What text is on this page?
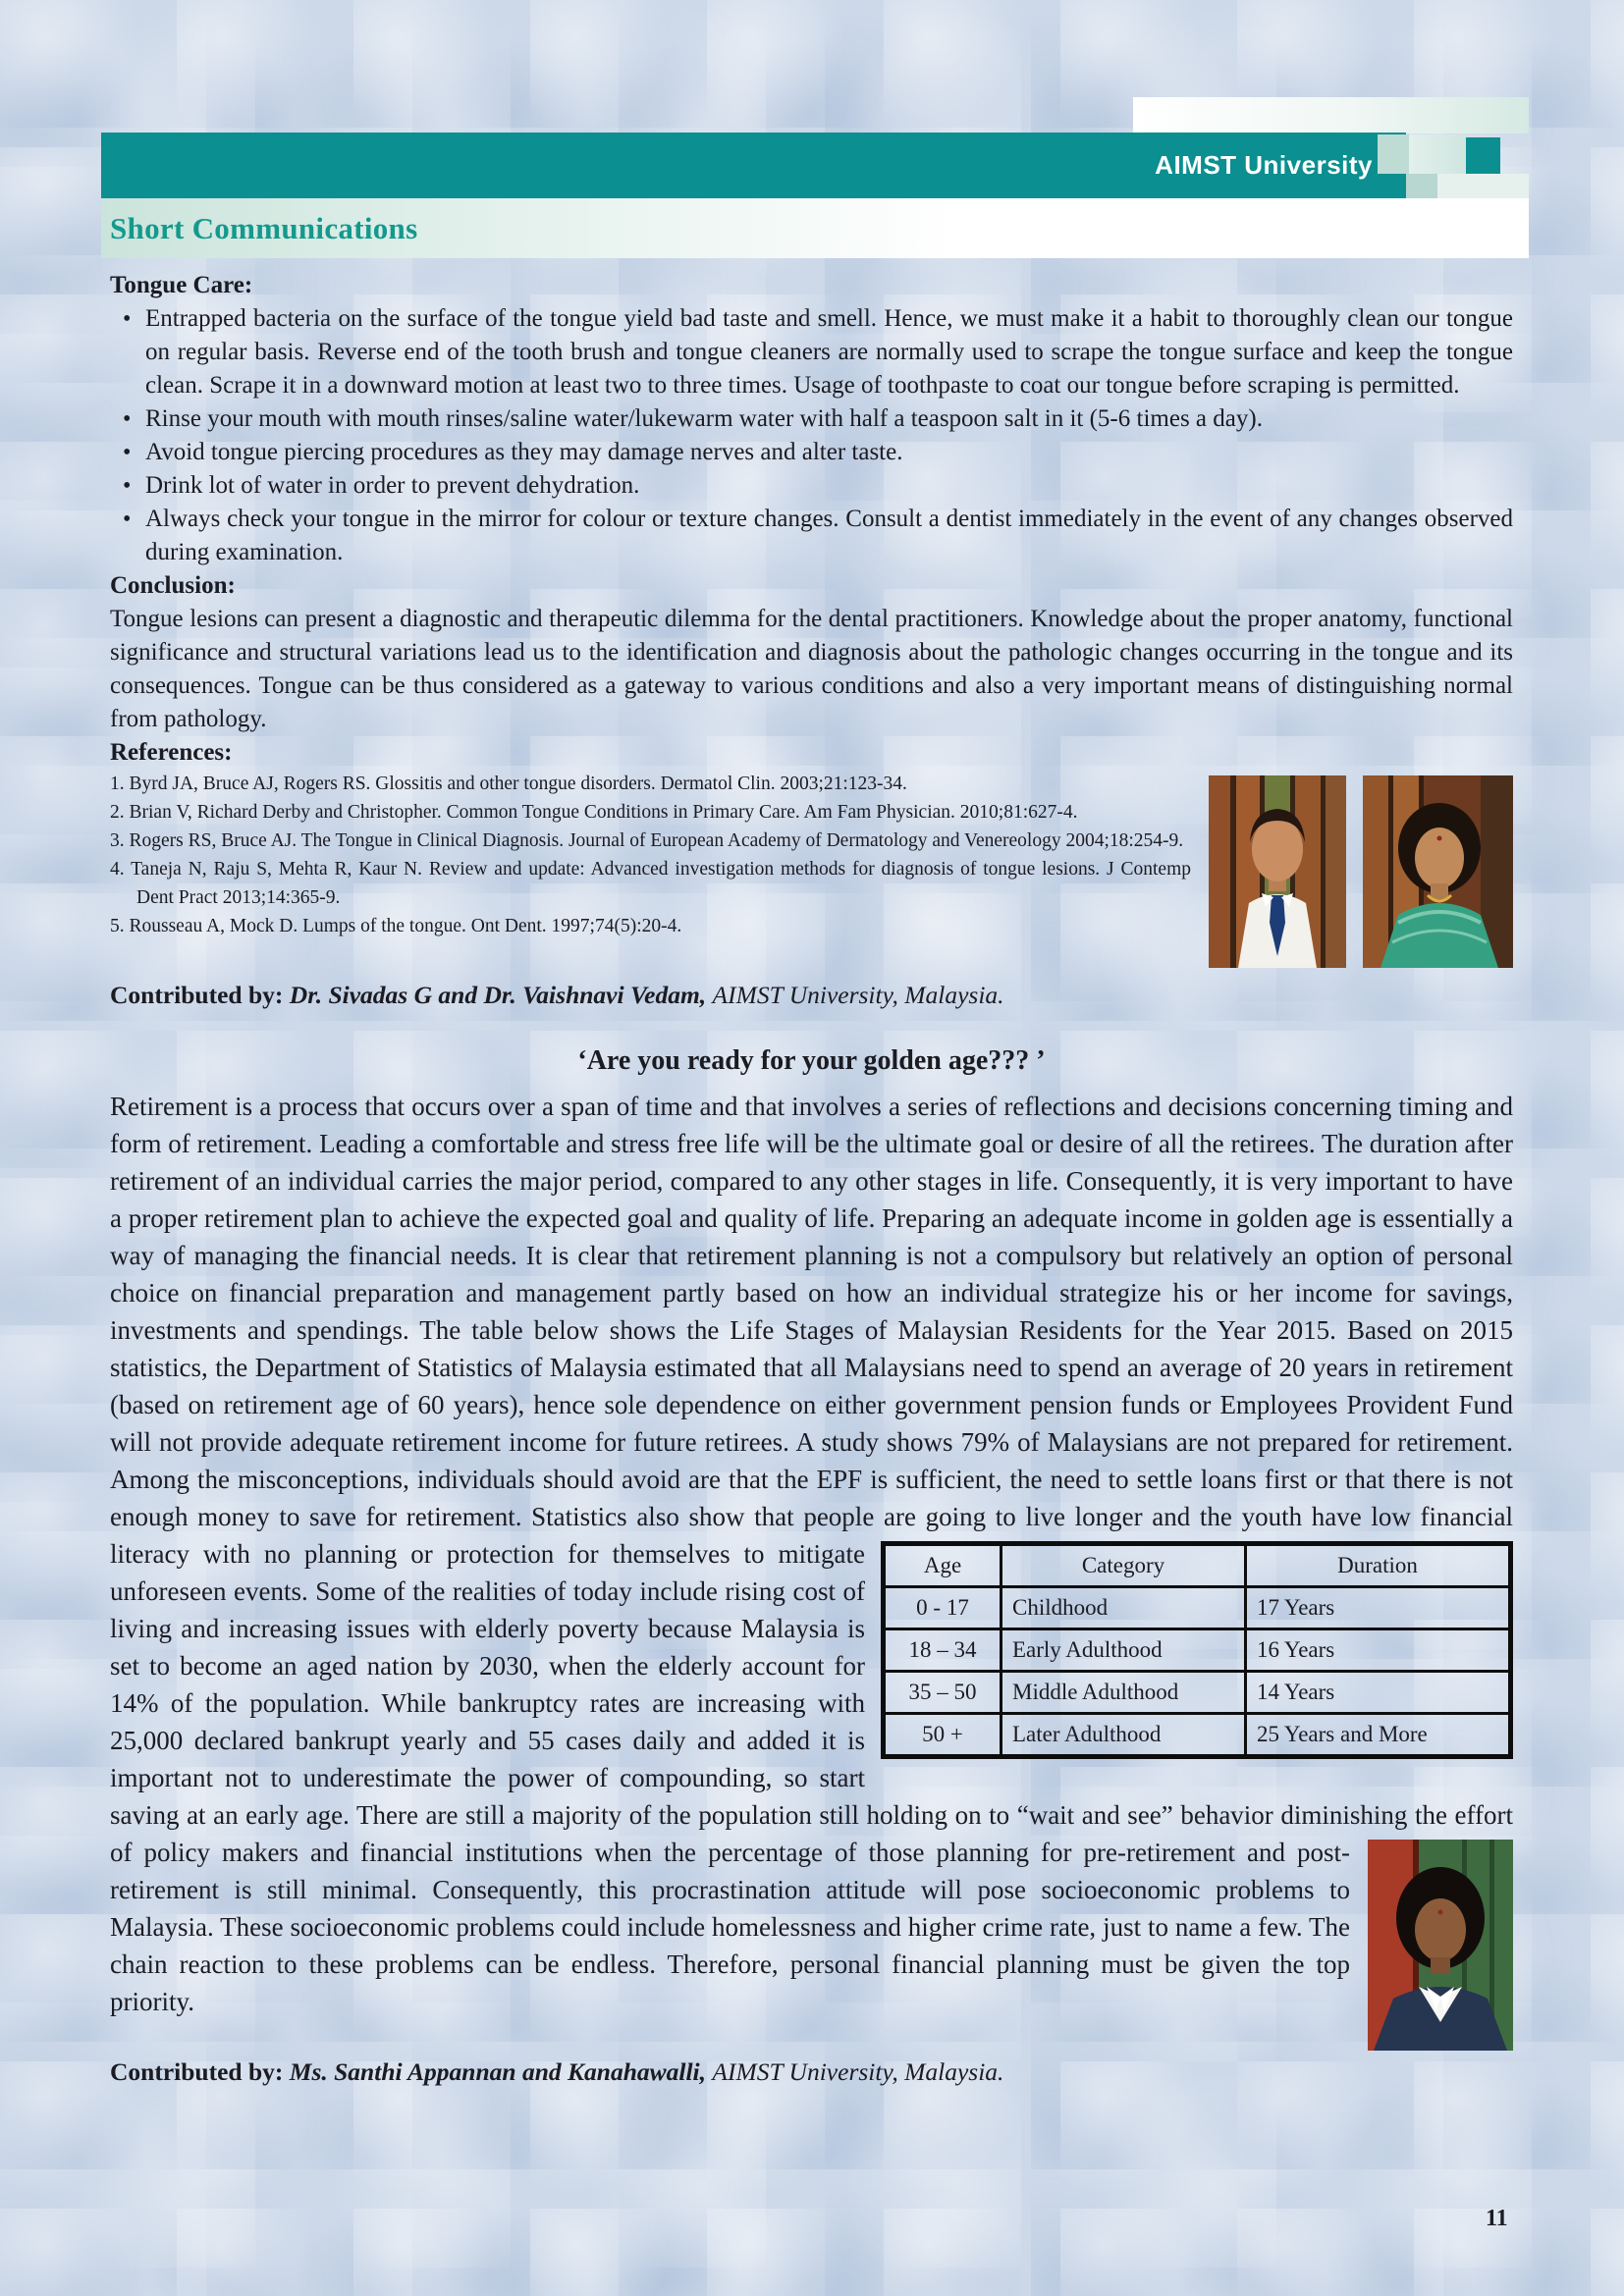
AIMST University
Short Communications
Tongue Care:
• Entrapped bacteria on the surface of the tongue yield bad taste and smell. Hence, we must make it a habit to thoroughly clean our tongue on regular basis. Reverse end of the tooth brush and tongue cleaners are normally used to scrape the tongue surface and keep the tongue clean. Scrape it in a downward motion at least two to three times. Usage of toothpaste to coat our tongue before scraping is permitted.
• Rinse your mouth with mouth rinses/saline water/lukewarm water with half a teaspoon salt in it (5-6 times a day).
• Avoid tongue piercing procedures as they may damage nerves and alter taste.
• Drink lot of water in order to prevent dehydration.
• Always check your tongue in the mirror for colour or texture changes. Consult a dentist immediately in the event of any changes observed during examination.
Conclusion:

Tongue lesions can present a diagnostic and therapeutic dilemma for the dental practitioners. Knowledge about the proper anatomy, functional significance and structural variations lead us to the identification and diagnosis about the pathologic changes occurring in the tongue and its consequences. Tongue can be thus considered as a gateway to various conditions and also a very important means of distinguishing normal from pathology.

References:
1. Byrd JA, Bruce AJ, Rogers RS. Glossitis and other tongue disorders. Dermatol Clin. 2003;21:123-34.
2. Brian V, Richard Derby and Christopher. Common Tongue Conditions in Primary Care. Am Fam Physician. 2010;81:627-4.
3. Rogers RS, Bruce AJ. The Tongue in Clinical Diagnosis. Journal of European Academy of Dermatology and Venereology 2004;18:254-9.
4. Taneja N, Raju S, Mehta R, Kaur N. Review and update: Advanced investigation methods for diagnosis of tongue lesions. J Contemp Dent Pract 2013;14:365-9.
5. Rousseau A, Mock D. Lumps of the tongue. Ont Dent. 1997;74(5):20-4.

Contributed by: Dr. Sivadas G and Dr. Vaishnavi Vedam, AIMST University, Malaysia.

‘Are you ready for your golden age??? ’
Retirement is a process that occurs over a span of time and that involves a series of reflections and decisions concerning timing and form of retirement. Leading a comfortable and stress free life will be the ultimate goal or desire of all the retirees. The duration after retirement of an individual carries the major period, compared to any other stages in life. Consequently, it is very important to have a proper retirement plan to achieve the expected goal and quality of life. Preparing an adequate income in golden age is essentially a way of managing the financial needs. It is clear that retirement planning is not a compulsory but relatively an option of personal choice on financial preparation and management partly based on how an individual strategize his or her income for savings, investments and spendings. The table below shows the Life Stages of Malaysian Residents for the Year 2015. Based on 2015 statistics, the Department of Statistics of Malaysia estimated that all Malaysians need to spend an average of 20 years in retirement (based on retirement age of 60 years), hence sole dependence on either government pension funds or Employees Provident Fund will not provide adequate retirement income for future retirees. A study shows 79% of Malaysians are not prepared for retirement. Among the misconceptions, individuals should avoid are that the EPF is sufficient, the need to settle loans first or that there is not enough money to save for retirement. Statistics also show that people are going to live longer and the youth have low financial literacy with no planning	Age	Category	Duration
0 - 17	Childhood	17 Years
18 – 34	Early Adulthood	16 Years
35 – 50	Middle Adulthood	14 Years
50 +	Later Adulthood	25 Years and More
or protection for themselves to mitigate unforeseen events. Some of the realities of today include rising cost of living and increasing issues with elderly poverty because Malaysia is set to become an aged nation by 2030, when the elderly account for 14% of the population. While bankruptcy rates are increasing with 25,000 declared bankrupt yearly and 55 cases daily and added it is important not to underestimate the power of compounding, so start saving at an early age. There are still a majority of the population still holding on to “wait and see” behavior diminishing the
effort of policy makers and financial institutions when the percentage of those planning for pre-retirement and post-retirement is still minimal. Consequently, this procrastination attitude will pose socioeconomic problems to Malaysia. These socioeconomic problems could include homelessness and higher crime rate, just to name a few. The chain reaction to these problems can be endless. Therefore, personal financial planning must be given the top priority.

Contributed by: Ms. Santhi Appannan and Kanahawalli, AIMST University, Malaysia.

11
